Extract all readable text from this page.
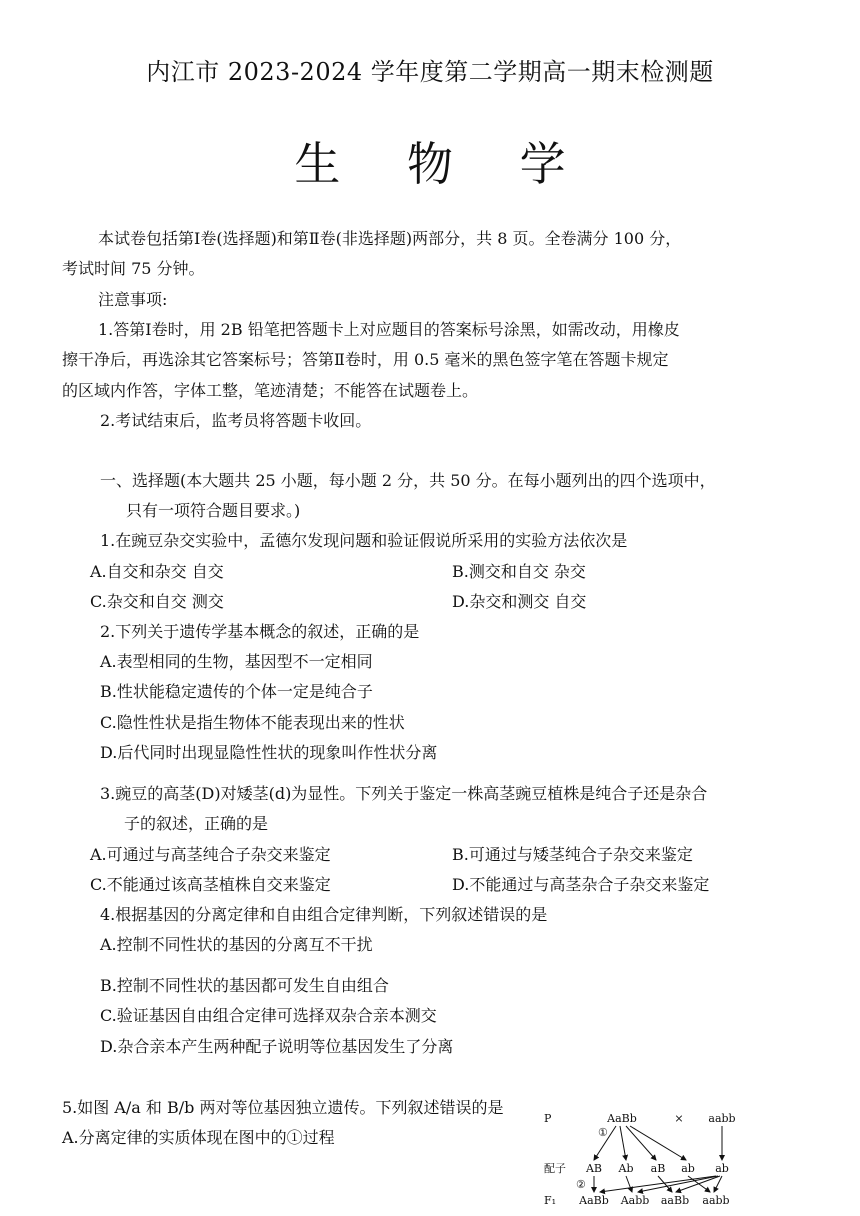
内江市 2023-2024 学年度第二学期高一期末检测题
生 物 学
本试卷包括第Ⅰ卷(选择题)和第Ⅱ卷(非选择题)两部分，共 8 页。全卷满分 100 分，
考试时间 75 分钟。
注意事项:
1.答第Ⅰ卷时，用 2B 铅笔把答题卡上对应题目的答案标号涂黑，如需改动，用橡皮
擦干净后，再选涂其它答案标号；答第Ⅱ卷时，用 0.5 毫米的黑色签字笔在答题卡规定
的区域内作答，字体工整，笔迹清楚；不能答在试题卷上。
2.考试结束后，监考员将答题卡收回。
一、选择题(本大题共 25 小题，每小题 2 分，共 50 分。在每小题列出的四个选项中，
只有一项符合题目要求。)
1.在豌豆杂交实验中，孟德尔发现问题和验证假说所采用的实验方法依次是
A.自交和杂交 自交	B.测交和自交 杂交
C.杂交和自交 测交	D.杂交和测交 自交
2.下列关于遗传学基本概念的叙述，正确的是
A.表型相同的生物，基因型不一定相同
B.性状能稳定遗传的个体一定是纯合子
C.隐性性状是指生物体不能表现出来的性状
D.后代同时出现显隐性性状的现象叫作性状分离
3.豌豆的高茎(D)对矮茎(d)为显性。下列关于鉴定一株高茎豌豆植株是纯合子还是杂合
子的叙述，正确的是
A.可通过与高茎纯合子杂交来鉴定	B.可通过与矮茎纯合子杂交来鉴定
C.不能通过该高茎植株自交来鉴定	D.不能通过与高茎杂合子杂交来鉴定
4.根据基因的分离定律和自由组合定律判断，下列叙述错误的是
A.控制不同性状的基因的分离互不干扰
B.控制不同性状的基因都可发生自由组合
C.验证基因自由组合定律可选择双杂合亲本测交
D.杂合亲本产生两种配子说明等位基因发生了分离
5.如图 A/a 和 B/b 两对等位基因独立遗传。下列叙述错误的是
A.分离定律的实质体现在图中的①过程
P
配子
F₁
AaBb	× aabb
①
②
AB Ab aB ab ab
AaBb Aabb aaBb aabb
